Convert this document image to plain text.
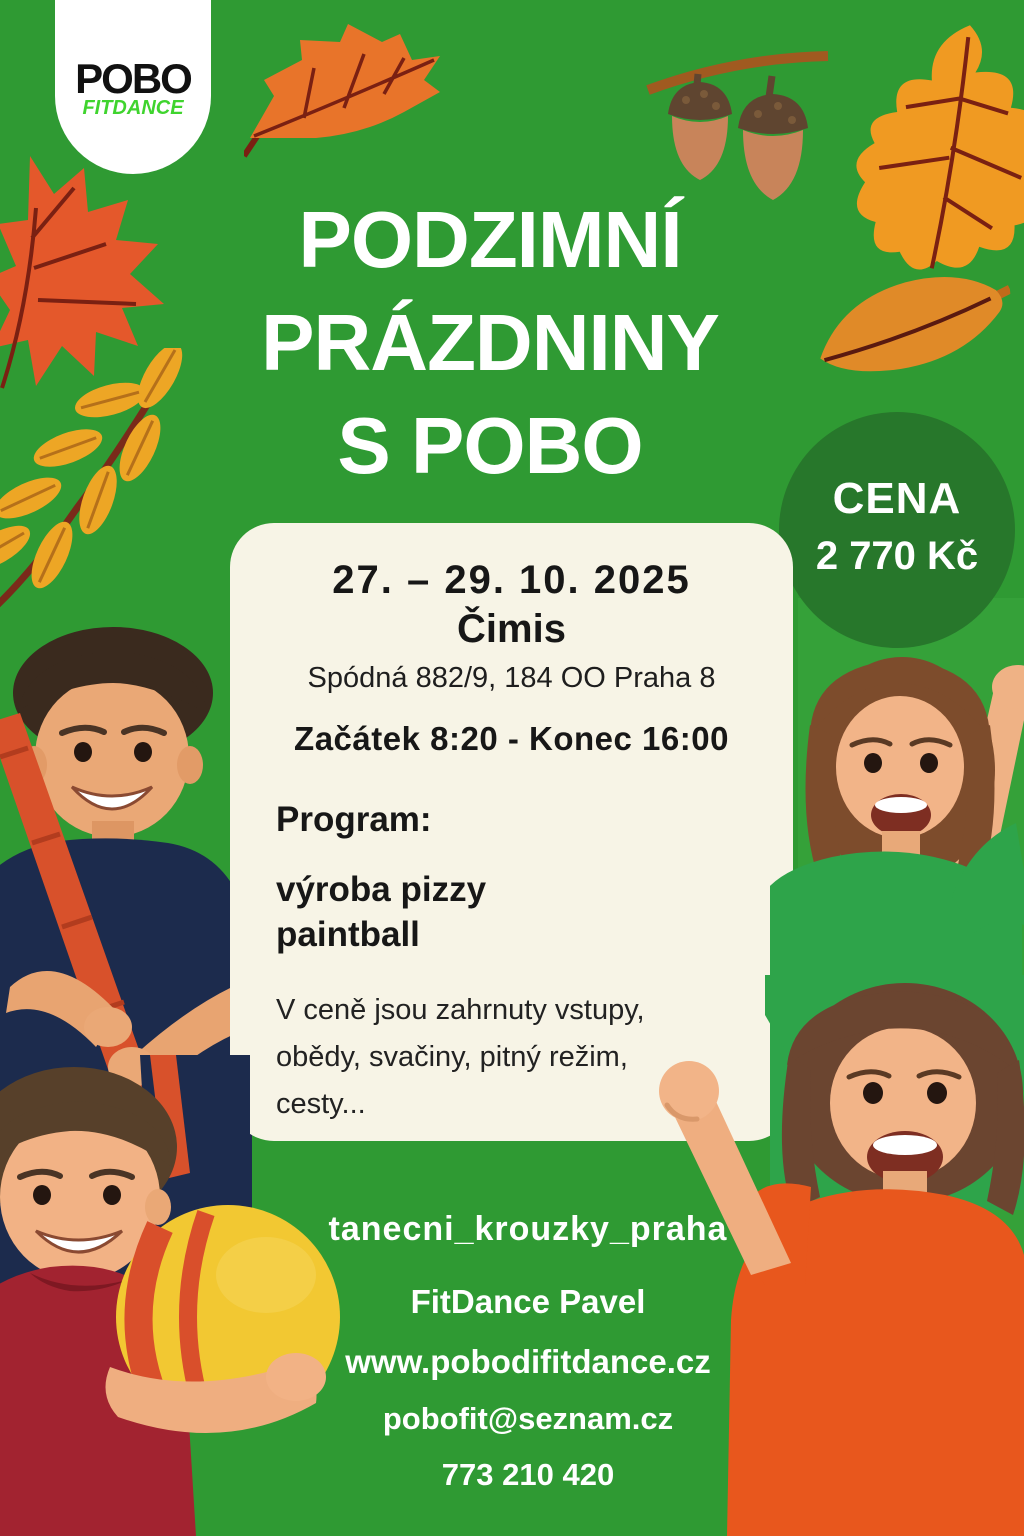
POBO
FITDANCE
PODZIMNÍ
PRÁZDNINY
S POBO
CENA
2 770 Kč
27. – 29. 10. 2025
Čimis
Spódná 882/9, 184 OO Praha 8
Začátek 8:20 - Konec 16:00
Program:
výroba pizzy
paintball
V ceně jsou zahrnuty vstupy,
obědy, svačiny, pitný režim,
cesty...
tanecni_krouzky_praha
FitDance Pavel
www.pobodifitdance.cz
pobofit@seznam.cz
773 210 420
